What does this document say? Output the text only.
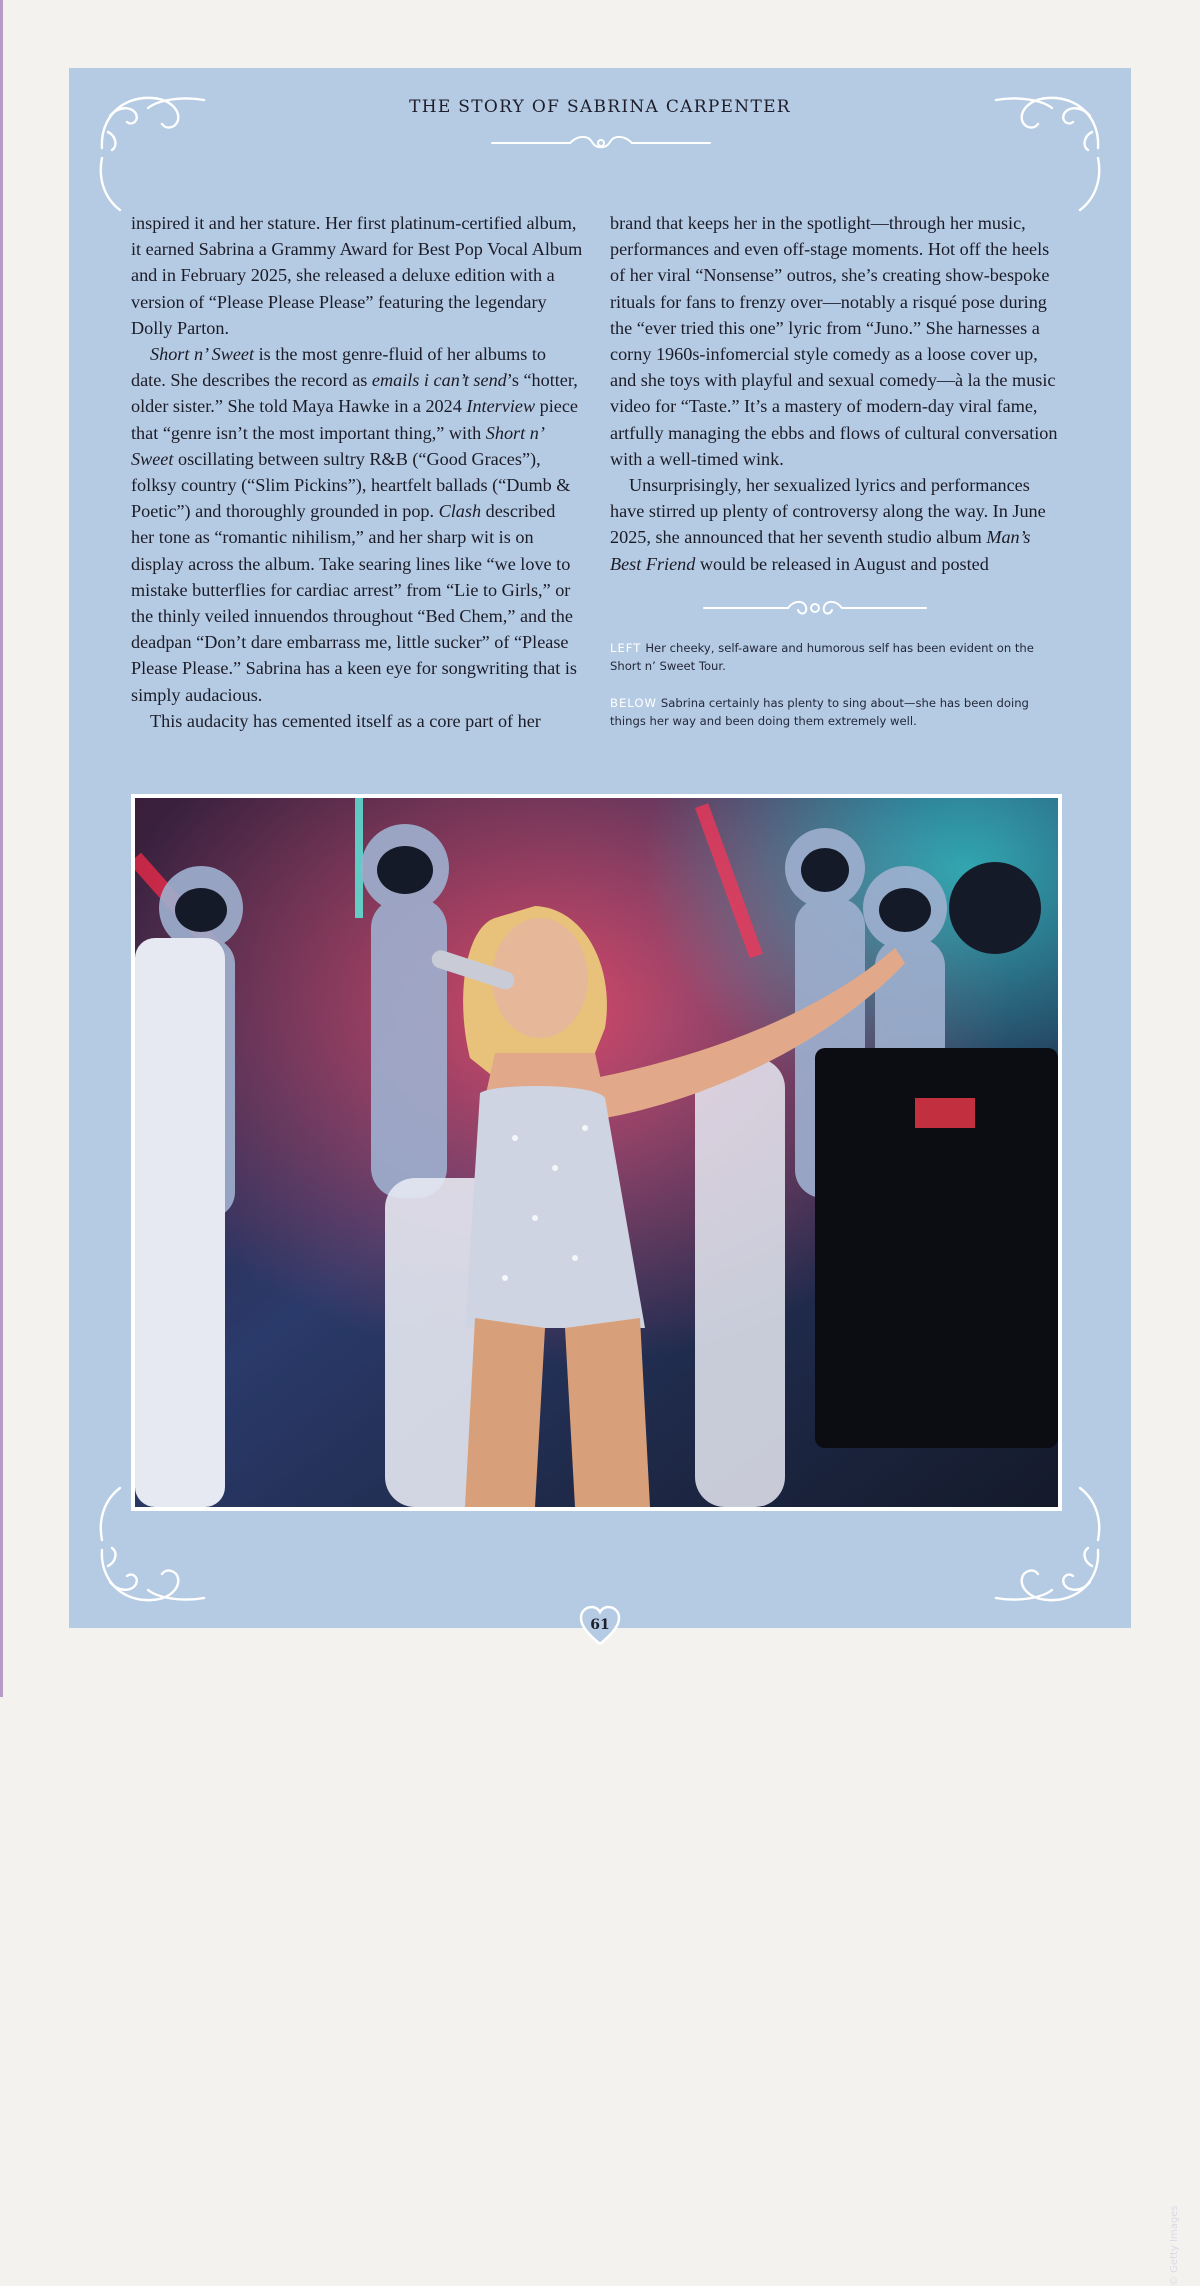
THE STORY OF SABRINA CARPENTER

inspired it and her stature. Her first platinum-certified album, it earned Sabrina a Grammy Award for Best Pop Vocal Album and in February 2025, she released a deluxe edition with a version of “Please Please Please” featuring the legendary Dolly Parton.

Short n’ Sweet is the most genre-fluid of her albums to date. She describes the record as emails i can’t send’s “hotter, older sister.” She told Maya Hawke in a 2024 Interview piece that “genre isn’t the most important thing,” with Short n’ Sweet oscillating between sultry R&B (“Good Graces”), folksy country (“Slim Pickins”), heartfelt ballads (“Dumb & Poetic”) and thoroughly grounded in pop. Clash described her tone as “romantic nihilism,” and her sharp wit is on display across the album. Take searing lines like “we love to mistake butterflies for cardiac arrest” from “Lie to Girls,” or the thinly veiled innuendos throughout “Bed Chem,” and the deadpan “Don’t dare embarrass me, little sucker” of “Please Please Please.” Sabrina has a keen eye for songwriting that is simply audacious.

This audacity has cemented itself as a core part of her

brand that keeps her in the spotlight—through her music, performances and even off-stage moments. Hot off the heels of her viral “Nonsense” outros, she’s creating show-bespoke rituals for fans to frenzy over—notably a risqué pose during the “ever tried this one” lyric from “Juno.” She harnesses a corny 1960s-infomercial style comedy as a loose cover up, and she toys with playful and sexual comedy—à la the music video for “Taste.” It’s a mastery of modern-day viral fame, artfully managing the ebbs and flows of cultural conversation with a well-timed wink.

Unsurprisingly, her sexualized lyrics and performances have stirred up plenty of controversy along the way. In June 2025, she announced that her seventh studio album Man’s Best Friend would be released in August and posted

LEFT Her cheeky, self-aware and humorous self has been evident on the Short n’ Sweet Tour.
BELOW Sabrina certainly has plenty to sing about—she has been doing things her way and been doing them extremely well.
© Getty Images
61
